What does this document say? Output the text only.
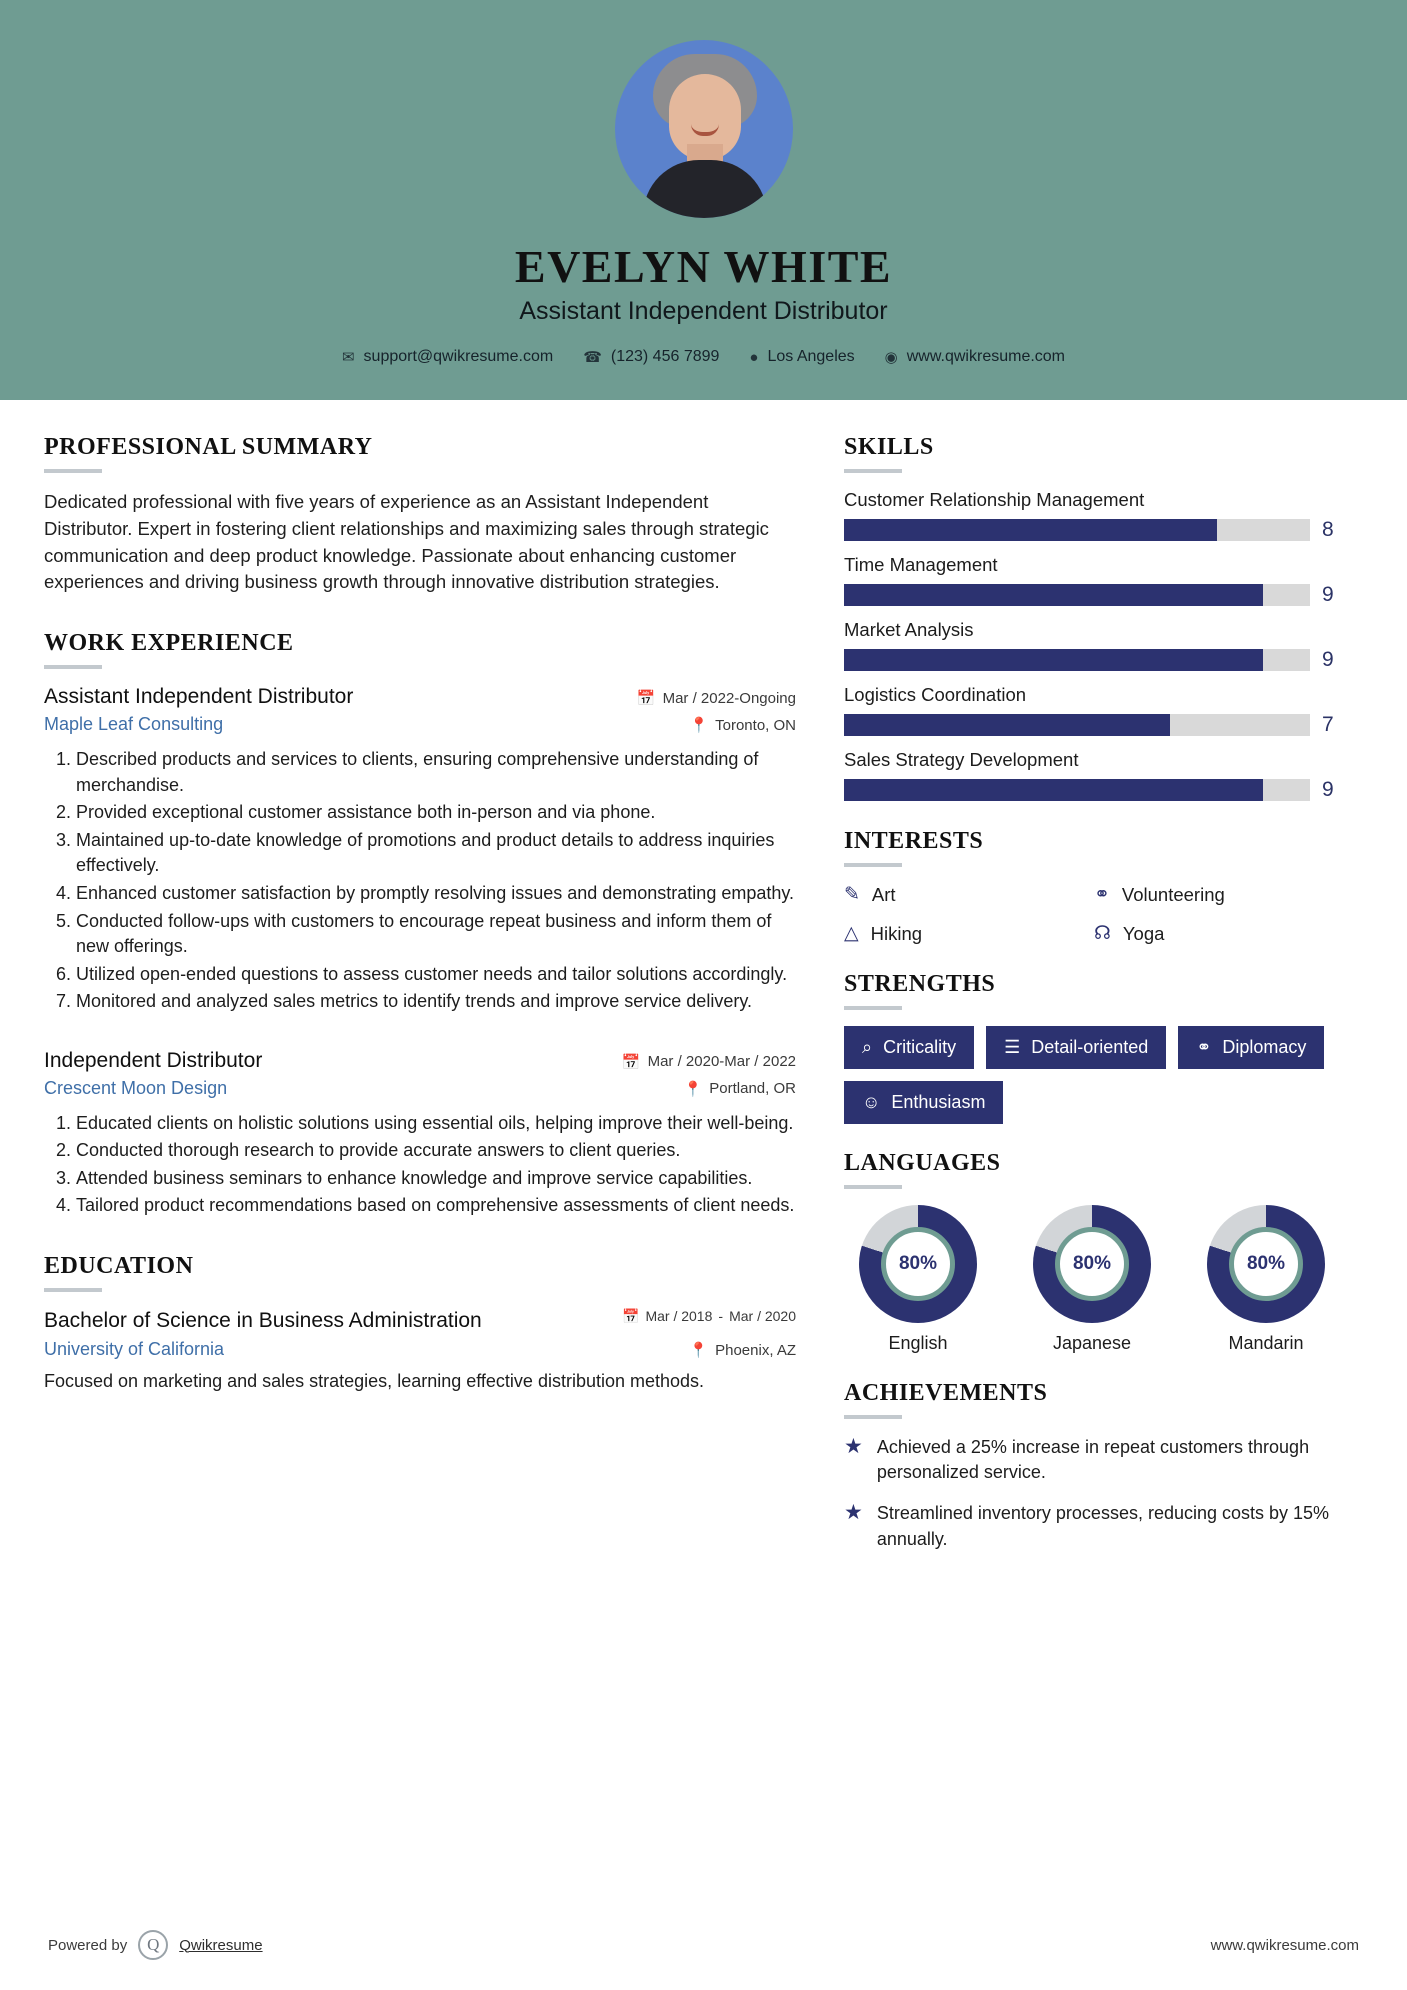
EVELYN WHITE
Assistant Independent Distributor
✉ support@qwikresume.com ☎ (123) 456 7899 ● Los Angeles ◉ www.qwikresume.com
PROFESSIONAL SUMMARY
Dedicated professional with five years of experience as an Assistant Independent Distributor. Expert in fostering client relationships and maximizing sales through strategic communication and deep product knowledge. Passionate about enhancing customer experiences and driving business growth through innovative distribution strategies.
WORK EXPERIENCE
Assistant Independent Distributor	📅 Mar / 2022-Ongoing
Maple Leaf Consulting	📍 Toronto, ON
1. Described products and services to clients, ensuring comprehensive understanding of merchandise.
2. Provided exceptional customer assistance both in-person and via phone.
3. Maintained up-to-date knowledge of promotions and product details to address inquiries effectively.
4. Enhanced customer satisfaction by promptly resolving issues and demonstrating empathy.
5. Conducted follow-ups with customers to encourage repeat business and inform them of new offerings.
6. Utilized open-ended questions to assess customer needs and tailor solutions accordingly.
7. Monitored and analyzed sales metrics to identify trends and improve service delivery.
Independent Distributor	📅 Mar / 2020-Mar / 2022
Crescent Moon Design	📍 Portland, OR
1. Educated clients on holistic solutions using essential oils, helping improve their well-being.
2. Conducted thorough research to provide accurate answers to client queries.
3. Attended business seminars to enhance knowledge and improve service capabilities.
4. Tailored product recommendations based on comprehensive assessments of client needs.
EDUCATION
Bachelor of Science in Business Administration	📅 Mar / 2018 - Mar / 2020
University of California	📍 Phoenix, AZ
Focused on marketing and sales strategies, learning effective distribution methods.
SKILLS
Customer Relationship Management
8
Time Management
9
Market Analysis
9
Logistics Coordination
7
Sales Strategy Development
9
INTERESTS
✎ Art	⚭ Volunteering
△ Hiking	☊ Yoga
STRENGTHS
⌕ Criticality	☰ Detail-oriented	⚭ Diplomacy
☺ Enthusiasm
LANGUAGES
80%
English
80%
Japanese
80%
Mandarin
ACHIEVEMENTS
★ Achieved a 25% increase in repeat customers through personalized service.
★ Streamlined inventory processes, reducing costs by 15% annually.
Powered by	Q	Qwikresume	www.qwikresume.com
